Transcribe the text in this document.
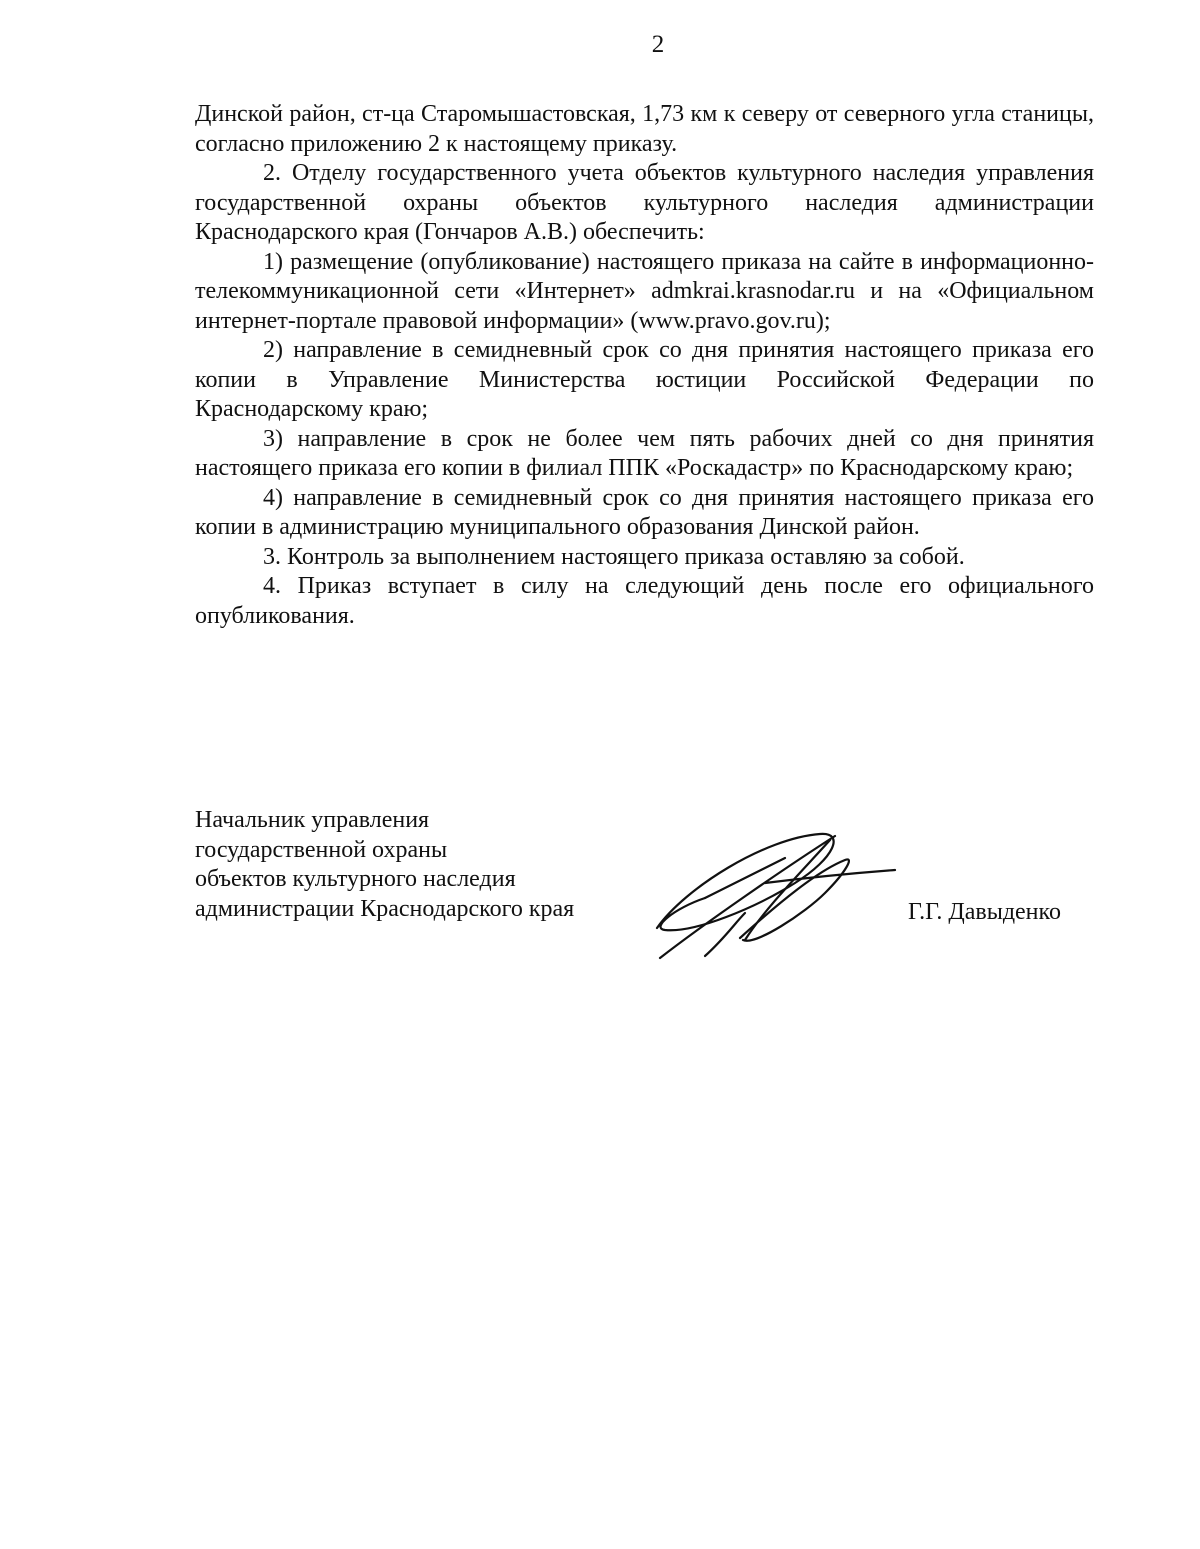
2

Динской район, ст-ца Старомышастовская, 1,73 км к северу от северного угла станицы, согласно приложению 2 к настоящему приказу.

2. Отделу государственного учета объектов культурного наследия управления государственной охраны объектов культурного наследия администрации Краснодарского края (Гончаров А.В.) обеспечить:

1) размещение (опубликование) настоящего приказа на сайте в информационно-телекоммуникационной сети «Интернет» admkrai.krasnodar.ru и на «Официальном интернет-портале правовой информации» (www.pravo.gov.ru);

2) направление в семидневный срок со дня принятия настоящего приказа его копии в Управление Министерства юстиции Российской Федерации по Краснодарскому краю;

3) направление в срок не более чем пять рабочих дней со дня принятия настоящего приказа его копии в филиал ППК «Роскадастр» по Краснодарскому краю;

4) направление в семидневный срок со дня принятия настоящего приказа его копии в администрацию муниципального образования Динской район.

3. Контроль за выполнением настоящего приказа оставляю за собой.

4. Приказ вступает в силу на следующий день после его официального опубликования.

Начальник управления
государственной охраны
объектов культурного наследия
администрации Краснодарского края	Г.Г. Давыденко
